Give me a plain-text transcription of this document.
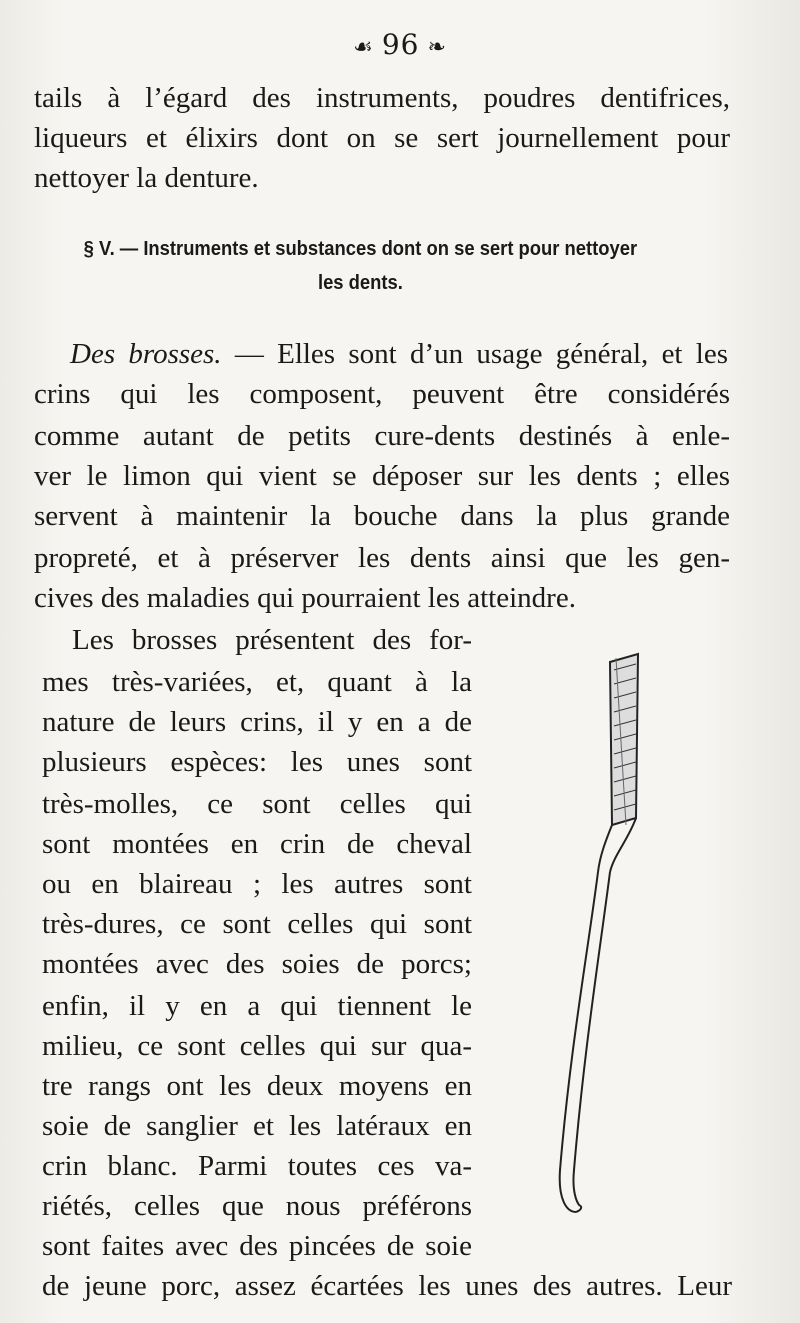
☙ 96 ❧
tails à l’égard des instruments, poudres dentifrices,
liqueurs et élixirs dont on se sert journellement pour
nettoyer la denture.
§ V. — Instruments et substances dont on se sert pour nettoyer
les dents.
Des brosses. — Elles sont d’un usage général, et les
crins qui les composent, peuvent être considérés
comme autant de petits cure-dents destinés à enle-
ver le limon qui vient se déposer sur les dents ; elles
servent à maintenir la bouche dans la plus grande
propreté, et à préserver les dents ainsi que les gen-
cives des maladies qui pourraient les atteindre.
Les brosses présentent des for-
mes très-variées, et, quant à la
nature de leurs crins, il y en a de
plusieurs espèces: les unes sont
très-molles, ce sont celles qui
sont montées en crin de cheval
ou en blaireau ; les autres sont
très-dures, ce sont celles qui sont
montées avec des soies de porcs;
enfin, il y en a qui tiennent le
milieu, ce sont celles qui sur qua-
tre rangs ont les deux moyens en
soie de sanglier et les latéraux en
crin blanc. Parmi toutes ces va-
riétés, celles que nous préférons
sont faites avec des pincées de soie
de jeune porc, assez écartées les unes des autres. Leur
